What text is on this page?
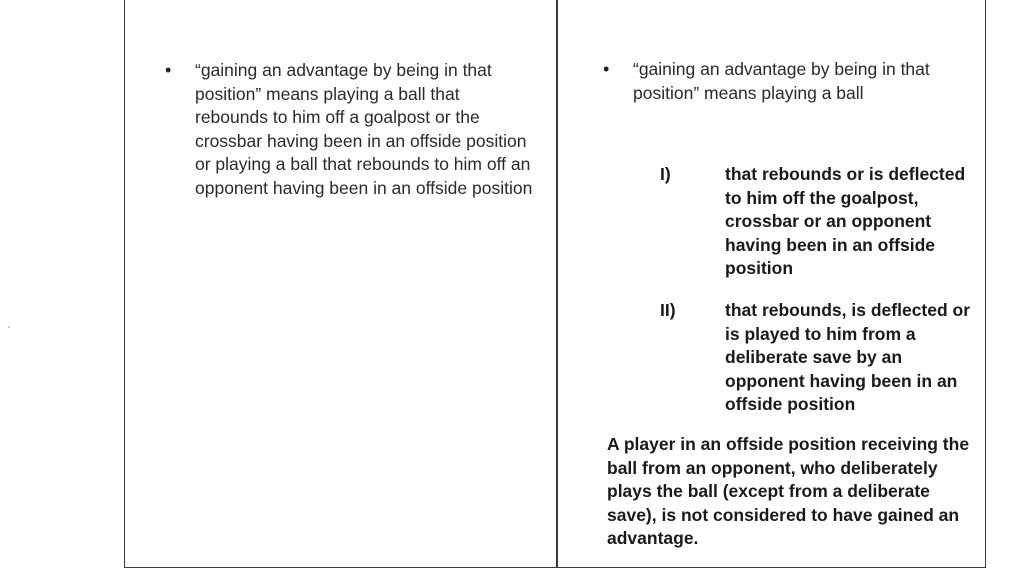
•	“gaining an advantage by being in that position” means playing a ball that rebounds to him off a goalpost or the crossbar having been in an offside position or playing a ball that rebounds to him off an opponent having been in an offside position
•	“gaining an advantage by being in that position” means playing a ball
I)	that rebounds or is deflected to him off the goalpost, crossbar or an opponent having been in an offside position
II)	that rebounds, is deflected or is played to him from a deliberate save by an opponent having been in an offside position
A player in an offside position receiving the ball from an opponent, who deliberately plays the ball (except from a deliberate save), is not considered to have gained an advantage.
